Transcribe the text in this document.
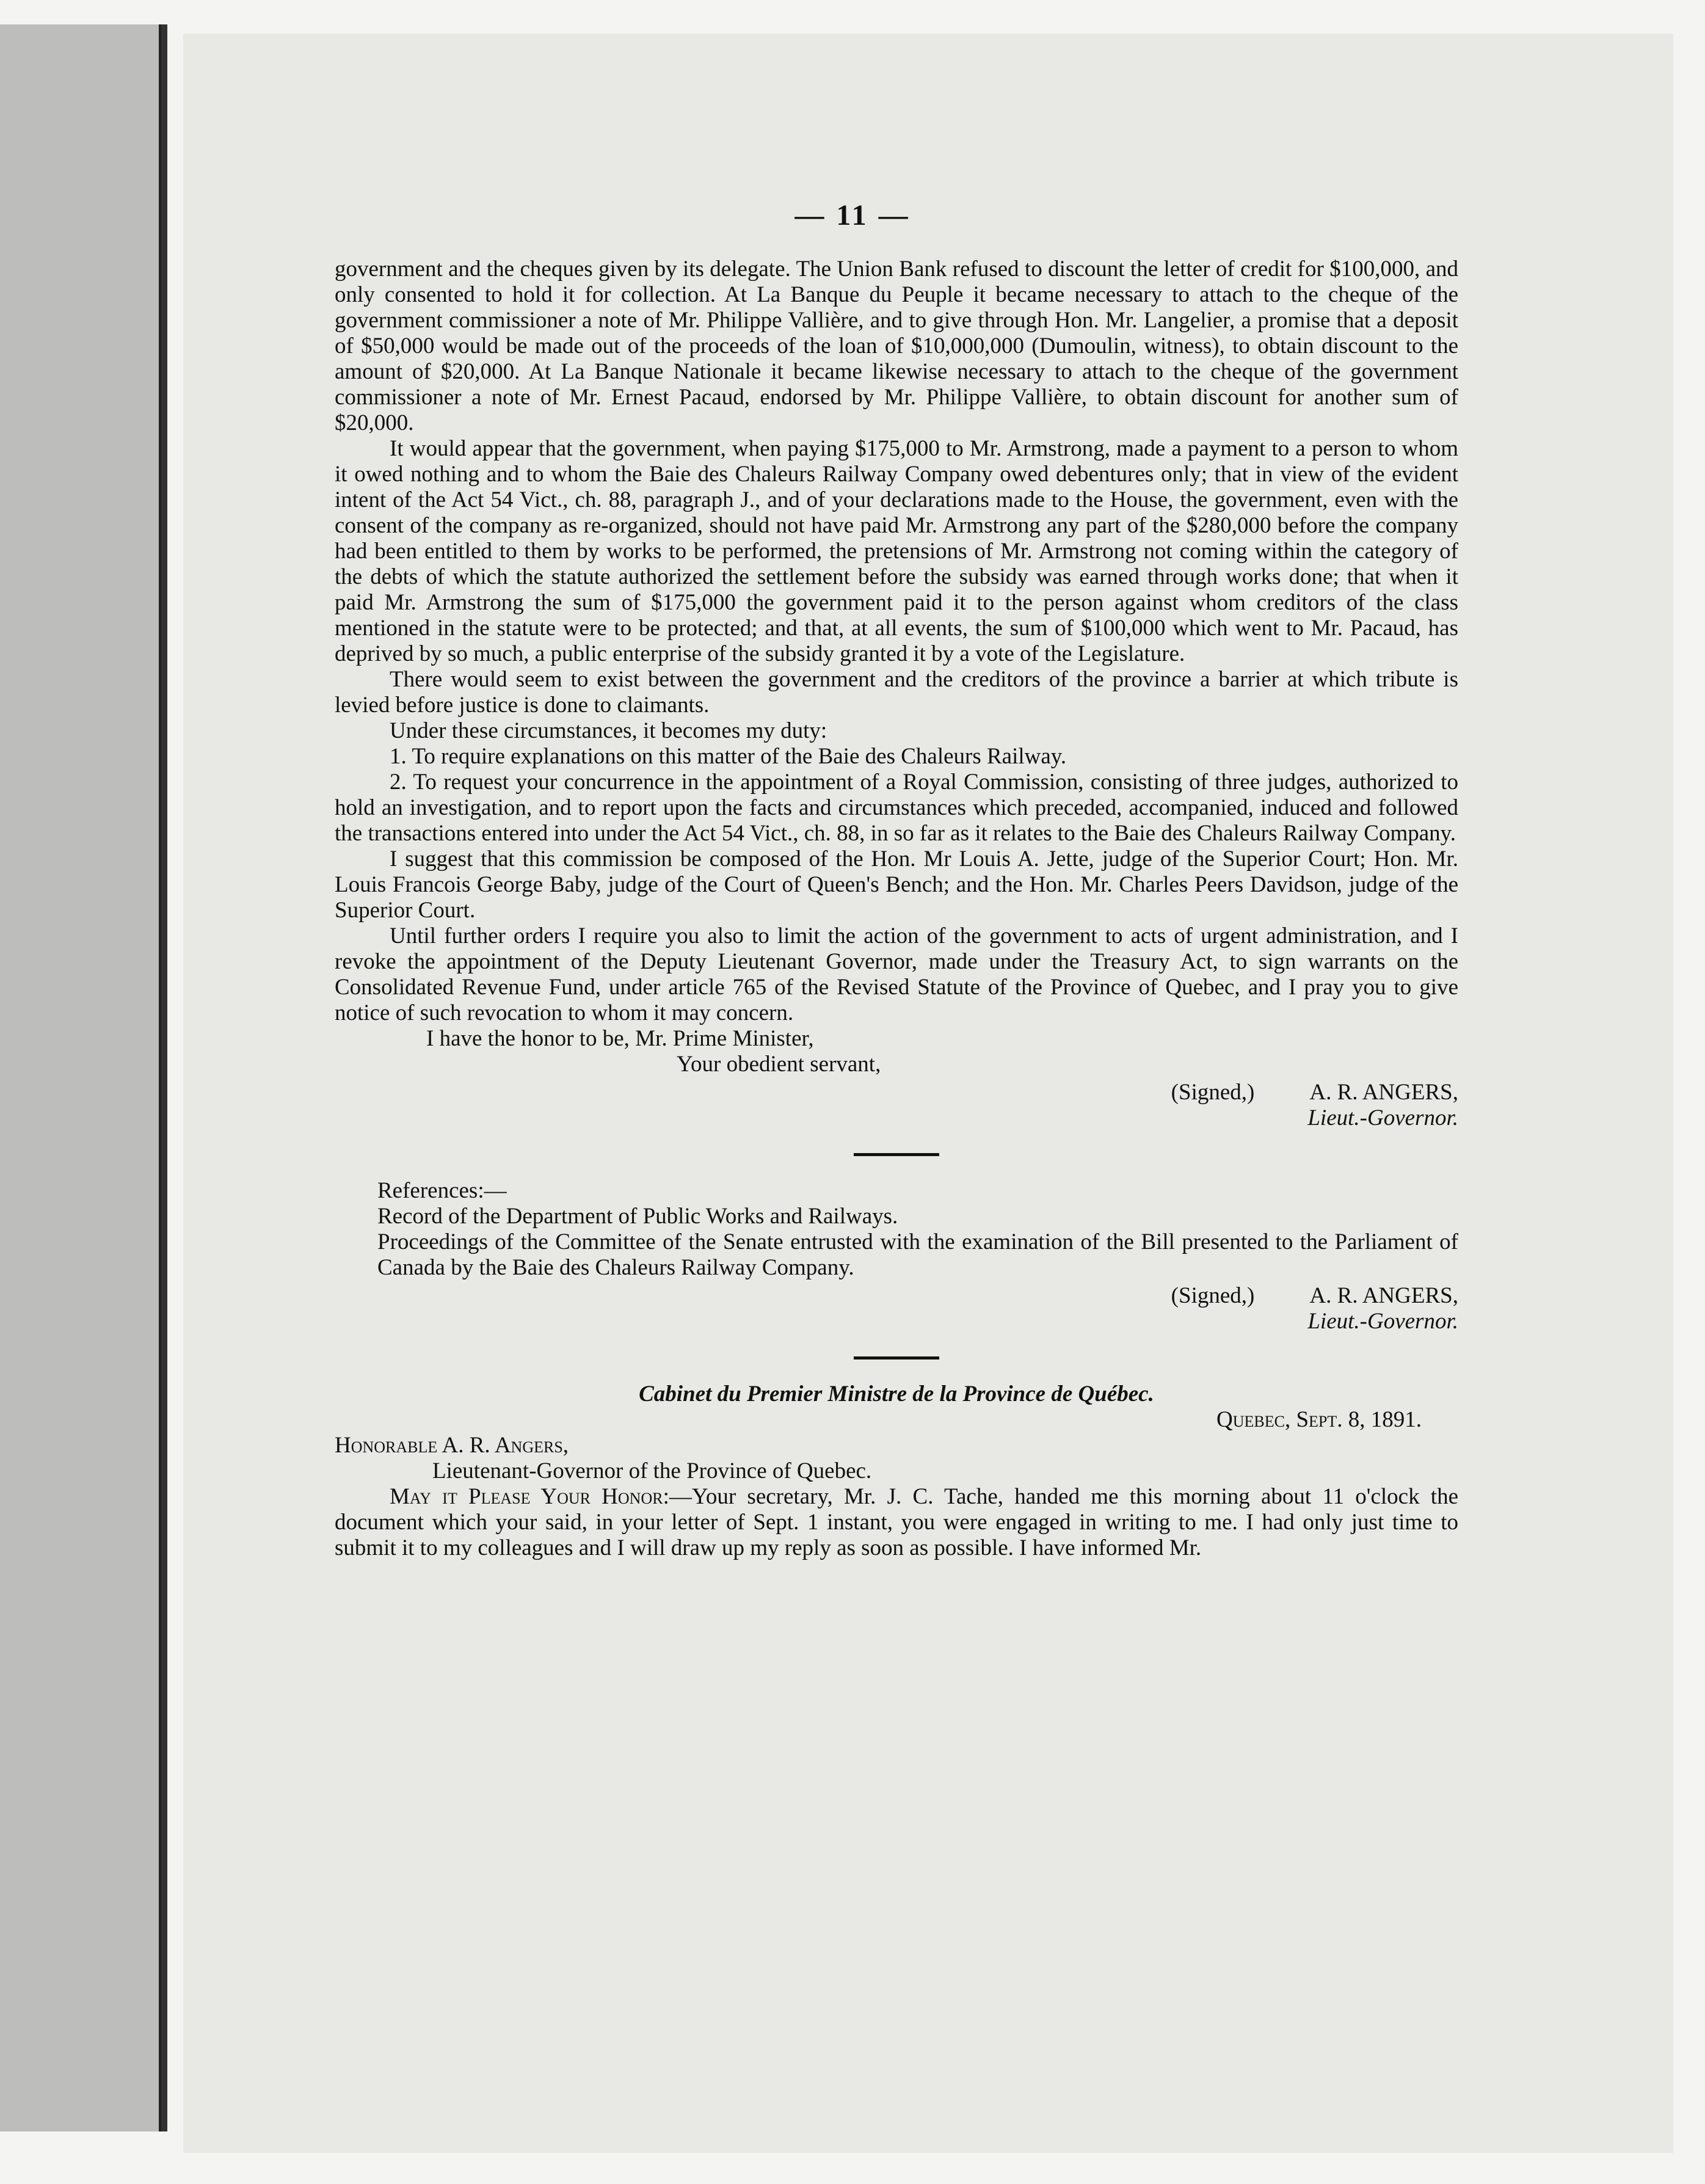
— 11 —

government and the cheques given by its delegate. The Union Bank refused to discount the letter of credit for $100,000, and only consented to hold it for collection. At La Banque du Peuple it became necessary to attach to the cheque of the government commissioner a note of Mr. Philippe Vallière, and to give through Hon. Mr. Langelier, a promise that a deposit of $50,000 would be made out of the proceeds of the loan of $10,000,000 (Dumoulin, witness), to obtain discount to the amount of $20,000. At La Banque Nationale it became likewise necessary to attach to the cheque of the government commissioner a note of Mr. Ernest Pacaud, endorsed by Mr. Philippe Vallière, to obtain discount for another sum of $20,000.

It would appear that the government, when paying $175,000 to Mr. Armstrong, made a payment to a person to whom it owed nothing and to whom the Baie des Chaleurs Railway Company owed debentures only; that in view of the evident intent of the Act 54 Vict., ch. 88, paragraph J., and of your declarations made to the House, the government, even with the consent of the company as re-organized, should not have paid Mr. Armstrong any part of the $280,000 before the company had been entitled to them by works to be performed, the pretensions of Mr. Armstrong not coming within the category of the debts of which the statute authorized the settlement before the subsidy was earned through works done; that when it paid Mr. Armstrong the sum of $175,000 the government paid it to the person against whom creditors of the class mentioned in the statute were to be protected; and that, at all events, the sum of $100,000 which went to Mr. Pacaud, has deprived by so much, a public enterprise of the subsidy granted it by a vote of the Legislature.

There would seem to exist between the government and the creditors of the province a barrier at which tribute is levied before justice is done to claimants.

Under these circumstances, it becomes my duty:

1. To require explanations on this matter of the Baie des Chaleurs Railway.

2. To request your concurrence in the appointment of a Royal Commission, consisting of three judges, authorized to hold an investigation, and to report upon the facts and circumstances which preceded, accompanied, induced and followed the transactions entered into under the Act 54 Vict., ch. 88, in so far as it relates to the Baie des Chaleurs Railway Company.

I suggest that this commission be composed of the Hon. Mr Louis A. Jette, judge of the Superior Court; Hon. Mr. Louis Francois George Baby, judge of the Court of Queen's Bench; and the Hon. Mr. Charles Peers Davidson, judge of the Superior Court.

Until further orders I require you also to limit the action of the government to acts of urgent administration, and I revoke the appointment of the Deputy Lieutenant Governor, made under the Treasury Act, to sign warrants on the Consolidated Revenue Fund, under article 765 of the Revised Statute of the Province of Quebec, and I pray you to give notice of such revocation to whom it may concern.

I have the honor to be, Mr. Prime Minister,

Your obedient servant,

(Signed,) A. R. ANGERS,

Lieut.-Governor.

References:—

Record of the Department of Public Works and Railways.

Proceedings of the Committee of the Senate entrusted with the examination of the Bill presented to the Parliament of Canada by the Baie des Chaleurs Railway Company.

(Signed,) A. R. ANGERS,

Lieut.-Governor.

Cabinet du Premier Ministre de la Province de Québec.

Quebec, Sept. 8, 1891.

Honorable A. R. Angers,

Lieutenant-Governor of the Province of Quebec.

May it Please Your Honor:—Your secretary, Mr. J. C. Tache, handed me this morning about 11 o'clock the document which your said, in your letter of Sept. 1 instant, you were engaged in writing to me. I had only just time to submit it to my colleagues and I will draw up my reply as soon as possible. I have informed Mr.
